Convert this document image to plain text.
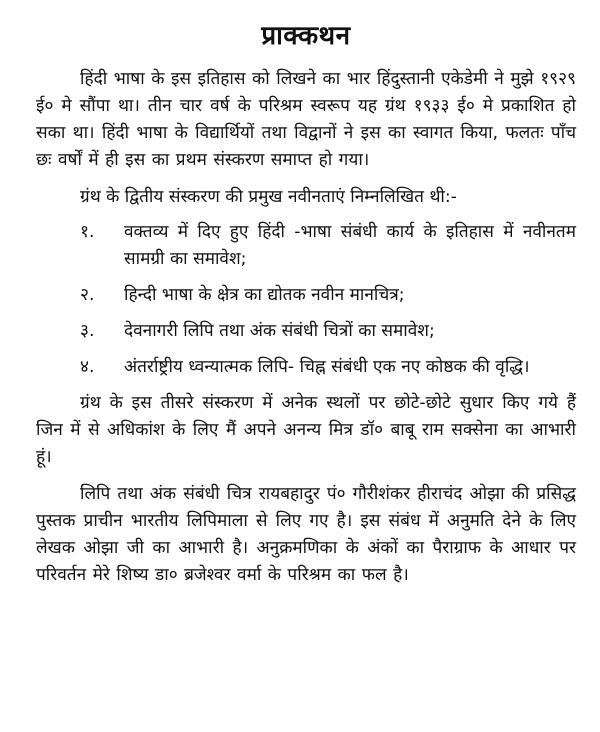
प्राक्कथन

हिंदी भाषा के इस इतिहास को लिखने का भार हिंदुस्तानी एकेडेमी ने मुझे १९२९ ई० मे सौंपा था। तीन चार वर्ष के परिश्रम स्वरूप यह ग्रंथ १९३३ ई० मे प्रकाशित हो सका था। हिंदी भाषा के विद्यार्थियों तथा विद्वानों ने इस का स्वागत किया, फलतः पाँच छः वर्षों में ही इस का प्रथम संस्करण समाप्त हो गया।

ग्रंथ के द्वितीय संस्करण की प्रमुख नवीनताएं निम्नलिखित थी:-

१.	वक्तव्य में दिए हुए हिंदी -भाषा संबंधी कार्य के इतिहास में नवीनतम सामग्री का समावेश;
२.	हिन्दी भाषा के क्षेत्र का द्योतक नवीन मानचित्र;
३.	देवनागरी लिपि तथा अंक संबंधी चित्रों का समावेश;
४.	अंतर्राष्ट्रीय ध्वन्यात्मक लिपि- चिह्न संबंधी एक नए कोष्ठक की वृद्धि।

ग्रंथ के इस तीसरे संस्करण में अनेक स्थलों पर छोटे-छोटे सुधार किए गये हैं जिन में से अधिकांश के लिए मैं अपने अनन्य मित्र डॉ० बाबू राम सक्सेना का आभारी हूं।

लिपि तथा अंक संबंधी चित्र रायबहादुर पं० गौरीशंकर हीराचंद ओझा की प्रसिद्ध पुस्तक प्राचीन भारतीय लिपिमाला से लिए गए है। इस संबंध में अनुमति देने के लिए लेखक ओझा जी का आभारी है। अनुक्रमणिका के अंकों का पैराग्राफ के आधार पर परिवर्तन मेरे शिष्य डा० ब्रजेश्वर वर्मा के परिश्रम का फल है।
